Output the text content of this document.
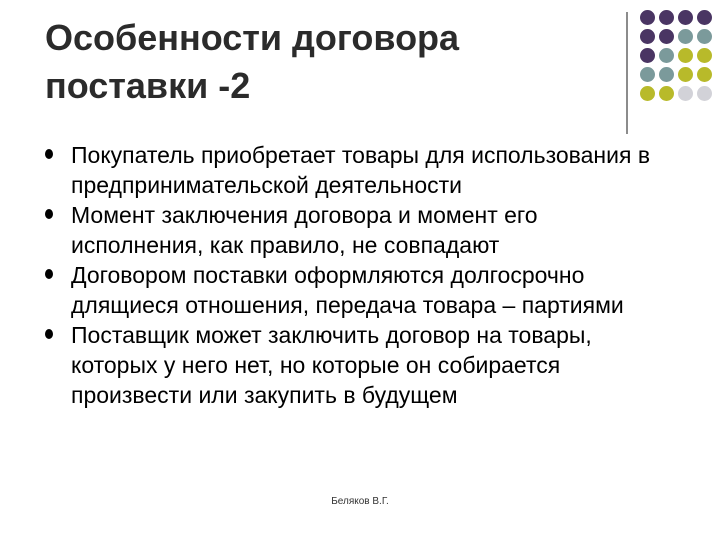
Особенности договора
поставки -2
Покупатель приобретает товары для использования в предпринимательской деятельности
Момент заключения договора и момент его исполнения, как правило, не совпадают
Договором поставки оформляются долгосрочно длящиеся отношения, передача товара – партиями
Поставщик может заключить договор на товары, которых у него нет, но которые он собирается произвести или закупить в будущем
Беляков В.Г.
